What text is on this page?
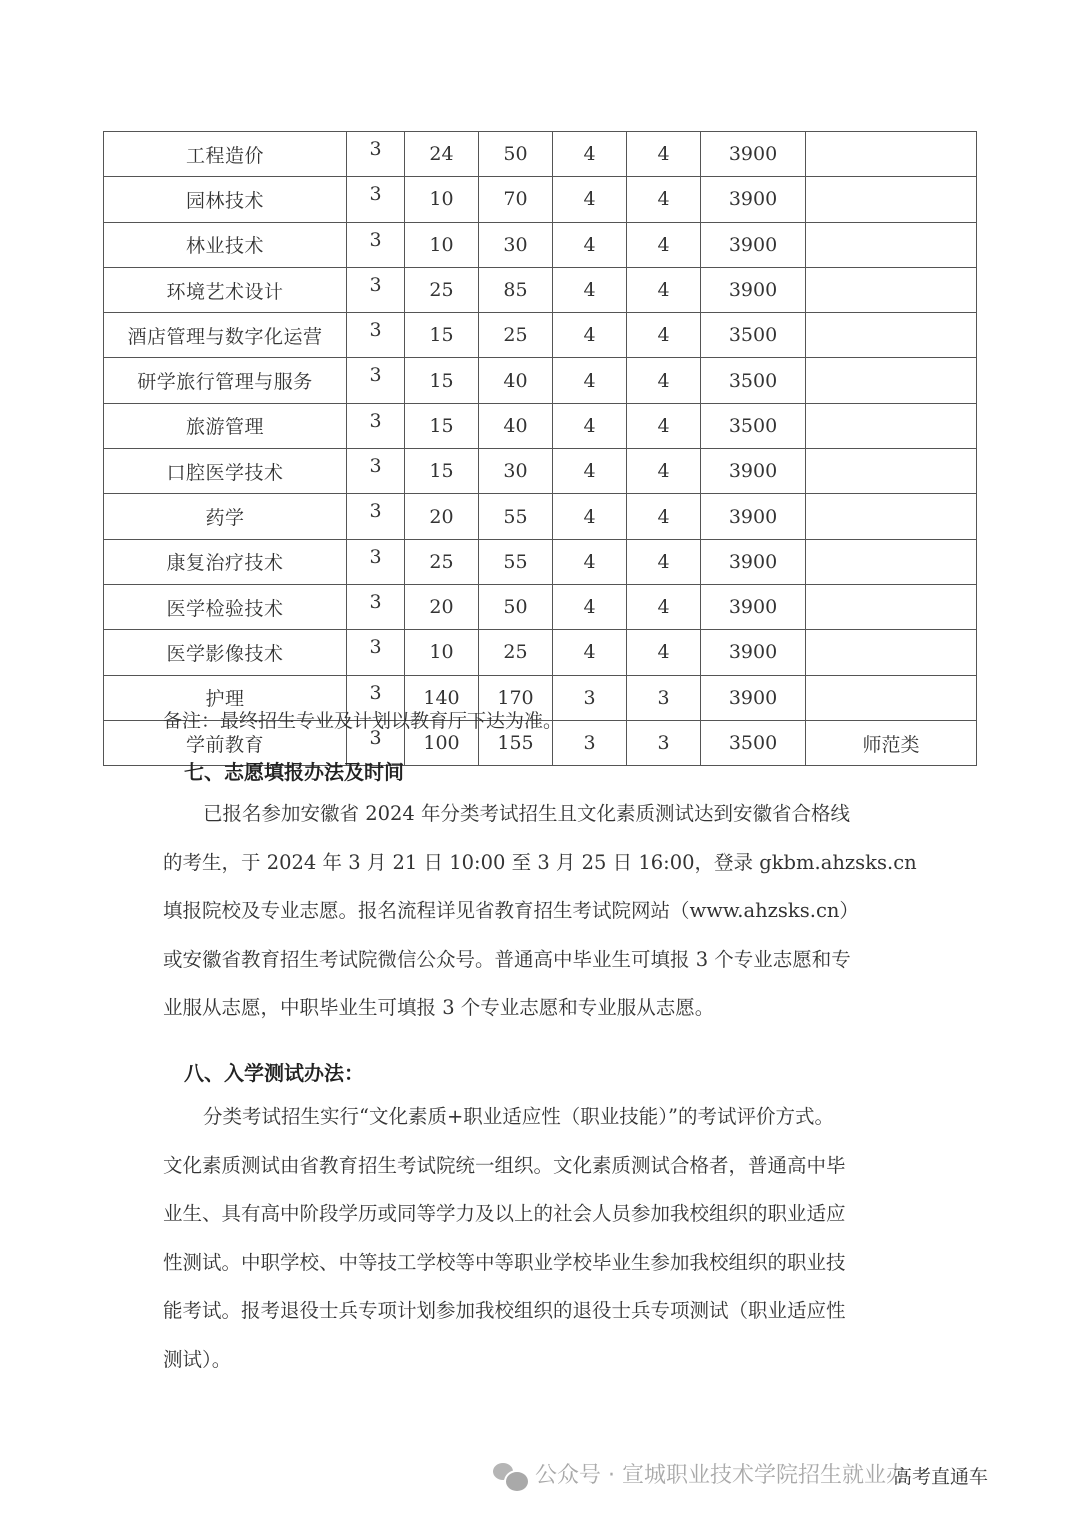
工程造价	3	24	50	4	4	3900	
园林技术	3	10	70	4	4	3900	
林业技术	3	10	30	4	4	3900	
环境艺术设计	3	25	85	4	4	3900	
酒店管理与数字化运营	3	15	25	4	4	3500	
研学旅行管理与服务	3	15	40	4	4	3500	
旅游管理	3	15	40	4	4	3500	
口腔医学技术	3	15	30	4	4	3900	
药学	3	20	55	4	4	3900	
康复治疗技术	3	25	55	4	4	3900	
医学检验技术	3	20	50	4	4	3900	
医学影像技术	3	10	25	4	4	3900	
护理	3	140	170	3	3	3900	
学前教育	3	100	155	3	3	3500	师范类
备注：最终招生专业及计划以教育厅下达为准。
七、志愿填报办法及时间
已报名参加安徽省 2024 年分类考试招生且文化素质测试达到安徽省合格线
的考生，于 2024 年 3 月 21 日 10:00 至 3 月 25 日 16:00，登录 gkbm.ahzsks.cn
填报院校及专业志愿。报名流程详见省教育招生考试院网站（www.ahzsks.cn）
或安徽省教育招生考试院微信公众号。普通高中毕业生可填报 3 个专业志愿和专
业服从志愿，中职毕业生可填报 3 个专业志愿和专业服从志愿。
八、入学测试办法：
分类考试招生实行“文化素质+职业适应性（职业技能）”的考试评价方式。
文化素质测试由省教育招生考试院统一组织。文化素质测试合格者，普通高中毕
业生、具有高中阶段学历或同等学力及以上的社会人员参加我校组织的职业适应
性测试。中职学校、中等技工学校等中等职业学校毕业生参加我校组织的职业技
能考试。报考退役士兵专项计划参加我校组织的退役士兵专项测试（职业适应性
测试）。
公众号 · 宣城职业技术学院招生就业办
高考直通车
